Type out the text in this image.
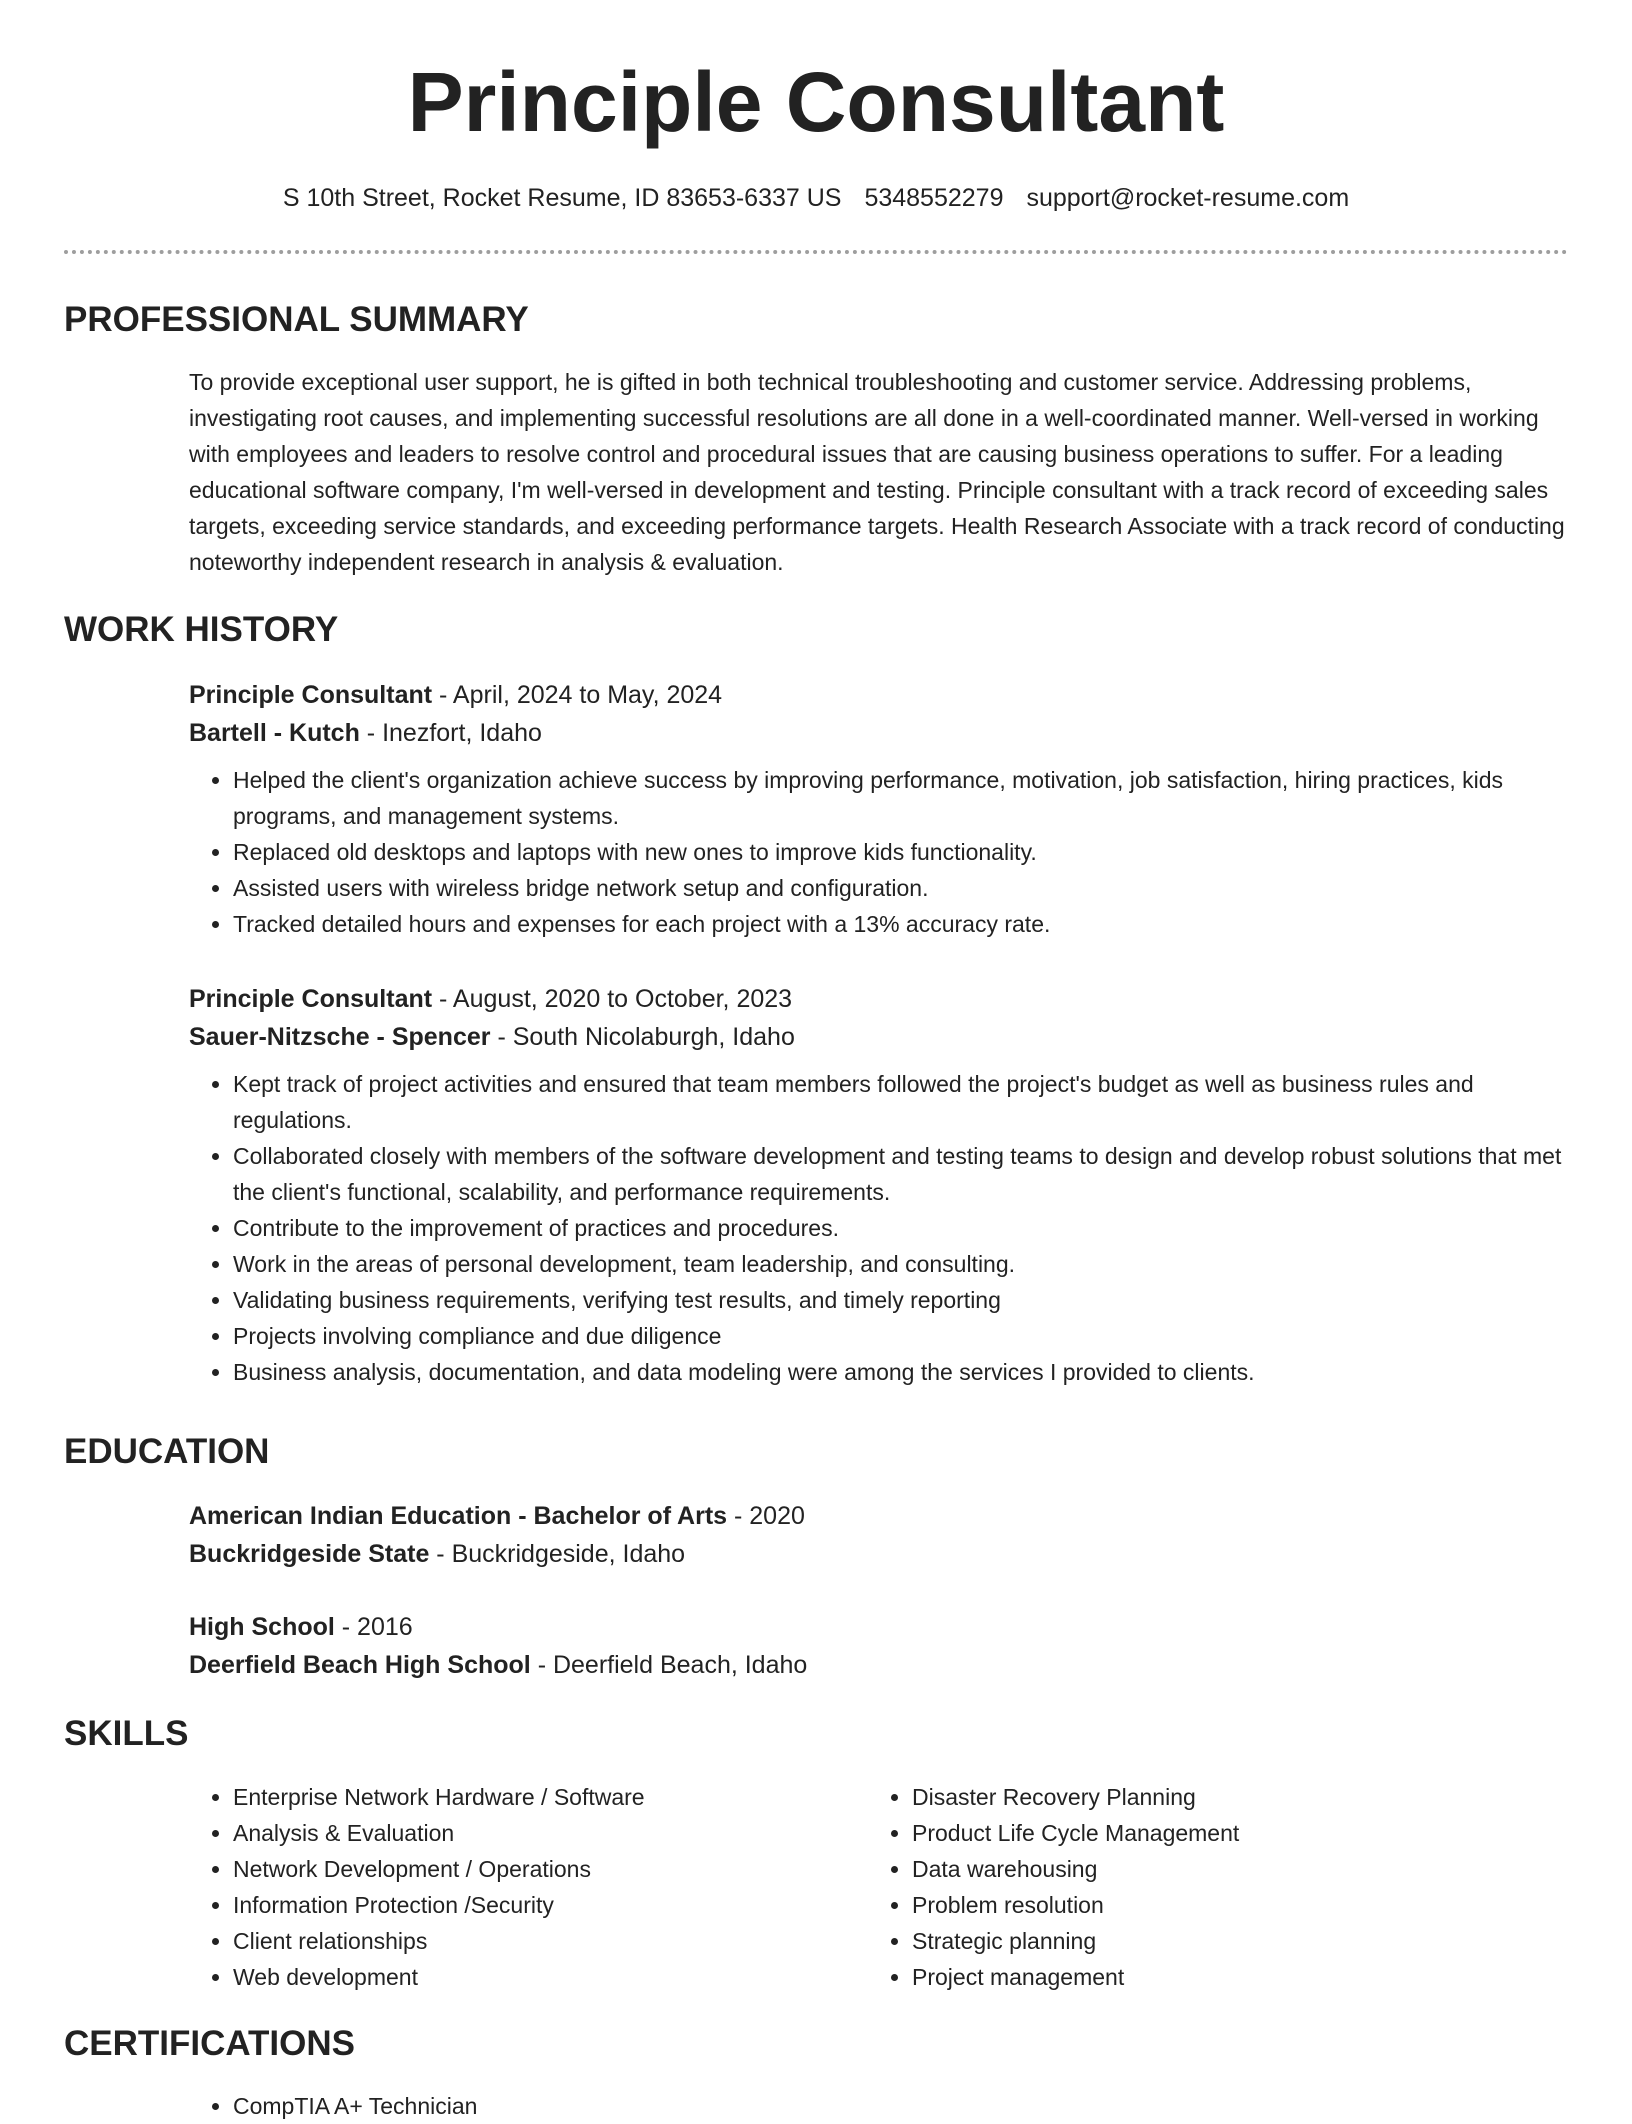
Principle Consultant
S 10th Street, Rocket Resume, ID 83653-6337 US 5348552279 support@rocket-resume.com
PROFESSIONAL SUMMARY

To provide exceptional user support, he is gifted in both technical troubleshooting and customer service. Addressing problems, investigating root causes, and implementing successful resolutions are all done in a well-coordinated manner. Well-versed in working with employees and leaders to resolve control and procedural issues that are causing business operations to suffer. For a leading educational software company, I'm well-versed in development and testing. Principle consultant with a track record of exceeding sales targets, exceeding service standards, and exceeding performance targets. Health Research Associate with a track record of conducting noteworthy independent research in analysis & evaluation.

WORK HISTORY
Principle Consultant - April, 2024 to May, 2024
Bartell - Kutch - Inezfort, Idaho
• Helped the client's organization achieve success by improving performance, motivation, job satisfaction, hiring practices, kids programs, and management systems.
• Replaced old desktops and laptops with new ones to improve kids functionality.
• Assisted users with wireless bridge network setup and configuration.
• Tracked detailed hours and expenses for each project with a 13% accuracy rate.
Principle Consultant - August, 2020 to October, 2023
Sauer-Nitzsche - Spencer - South Nicolaburgh, Idaho
• Kept track of project activities and ensured that team members followed the project's budget as well as business rules and regulations.
• Collaborated closely with members of the software development and testing teams to design and develop robust solutions that met the client's functional, scalability, and performance requirements.
• Contribute to the improvement of practices and procedures.
• Work in the areas of personal development, team leadership, and consulting.
• Validating business requirements, verifying test results, and timely reporting
• Projects involving compliance and due diligence
• Business analysis, documentation, and data modeling were among the services I provided to clients.
EDUCATION
American Indian Education - Bachelor of Arts - 2020
Buckridgeside State - Buckridgeside, Idaho
High School - 2016
Deerfield Beach High School - Deerfield Beach, Idaho
SKILLS
• Enterprise Network Hardware / Software
• Analysis & Evaluation
• Network Development / Operations
• Information Protection /Security
• Client relationships
• Web development
• Disaster Recovery Planning
• Product Life Cycle Management
• Data warehousing
• Problem resolution
• Strategic planning
• Project management
CERTIFICATIONS
• CompTIA A+ Technician
